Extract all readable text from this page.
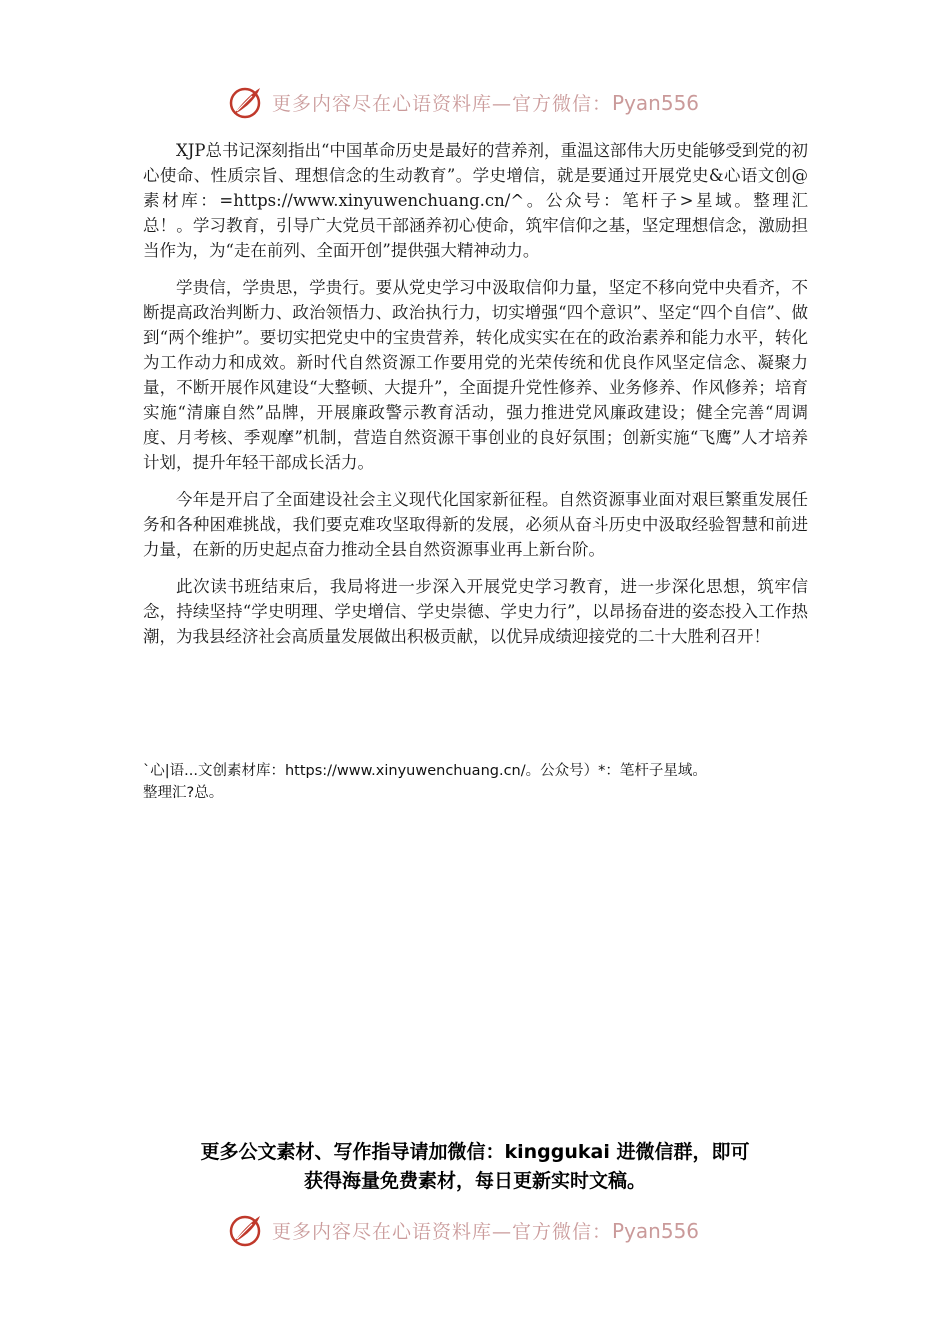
更多内容尽在心语资料库—官方微信：Pyan556

XJP总书记深刻指出“中国革命历史是最好的营养剂，重温这部伟大历史能够受到党的初心使命、性质宗旨、理想信念的生动教育”。学史增信，就是要通过开展党史&心语文创@素材库：=https://www.xinyuwenchuang.cn/^。公众号：笔杆子>星域。整理汇总！。学习教育，引导广大党员干部涵养初心使命，筑牢信仰之基，坚定理想信念，激励担当作为，为“走在前列、全面开创”提供强大精神动力。

学贵信，学贵思，学贵行。要从党史学习中汲取信仰力量，坚定不移向党中央看齐，不断提高政治判断力、政治领悟力、政治执行力，切实增强“四个意识”、坚定“四个自信”、做到“两个维护”。要切实把党史中的宝贵营养，转化成实实在在的政治素养和能力水平，转化为工作动力和成效。新时代自然资源工作要用党的光荣传统和优良作风坚定信念、凝聚力量，不断开展作风建设“大整顿、大提升”，全面提升党性修养、业务修养、作风修养；培育实施“清廉自然”品牌，开展廉政警示教育活动，强力推进党风廉政建设；健全完善“周调度、月考核、季观摩”机制，营造自然资源干事创业的良好氛围；创新实施“飞鹰”人才培养计划，提升年轻干部成长活力。

今年是开启了全面建设社会主义现代化国家新征程。自然资源事业面对艰巨繁重发展任务和各种困难挑战，我们要克难攻坚取得新的发展，必须从奋斗历史中汲取经验智慧和前进力量，在新的历史起点奋力推动全县自然资源事业再上新台阶。

此次读书班结束后，我局将进一步深入开展党史学习教育，进一步深化思想，筑牢信念，持续坚持“学史明理、学史增信、学史崇德、学史力行”，以昂扬奋进的姿态投入工作热潮，为我县经济社会高质量发展做出积极贡献，以优异成绩迎接党的二十大胜利召开！

`心|语...文创素材库：https://www.xinyuwenchuang.cn/。公众号）*：笔杆子星域。
整理汇?总。
更多公文素材、写作指导请加微信：kinggukai 进微信群，即可
获得海量免费素材，每日更新实时文稿。
更多内容尽在心语资料库—官方微信：Pyan556
